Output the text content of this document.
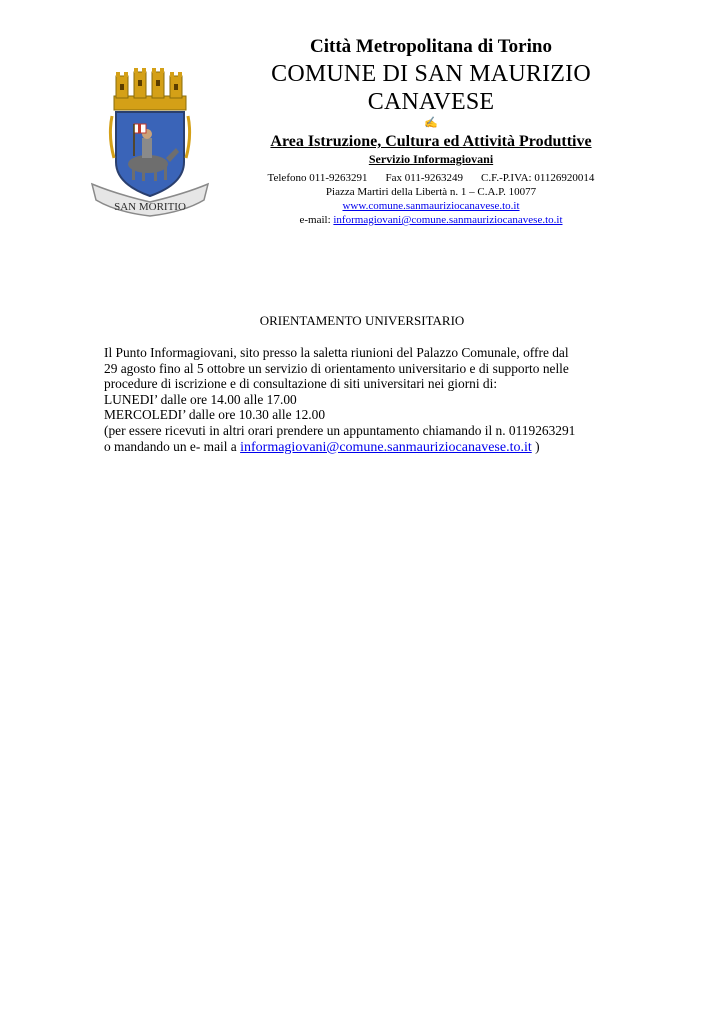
SAN MORITIO
Città Metropolitana di Torino
COMUNE DI SAN MAURIZIO CANAVESE
✍
Area Istruzione, Cultura ed Attività Produttive
Servizio Informagiovani
Telefono 011-9263291 Fax 011-9263249 C.F.-P.IVA: 01126920014
Piazza Martiri della Libertà n. 1 – C.A.P. 10077
www.comune.sanmauriziocanavese.to.it
e-mail: informagiovani@comune.sanmauriziocanavese.to.it
ORIENTAMENTO UNIVERSITARIO
Il Punto Informagiovani, sito presso la saletta riunioni del Palazzo Comunale, offre dal
29 agosto fino al 5 ottobre un servizio di orientamento universitario e di supporto nelle
procedure di iscrizione e di consultazione di siti universitari nei giorni di:
LUNEDI’ dalle ore 14.00 alle 17.00
MERCOLEDI’ dalle ore 10.30 alle 12.00
(per essere ricevuti in altri orari prendere un appuntamento chiamando il n. 0119263291
o mandando un e- mail a informagiovani@comune.sanmauriziocanavese.to.it )
